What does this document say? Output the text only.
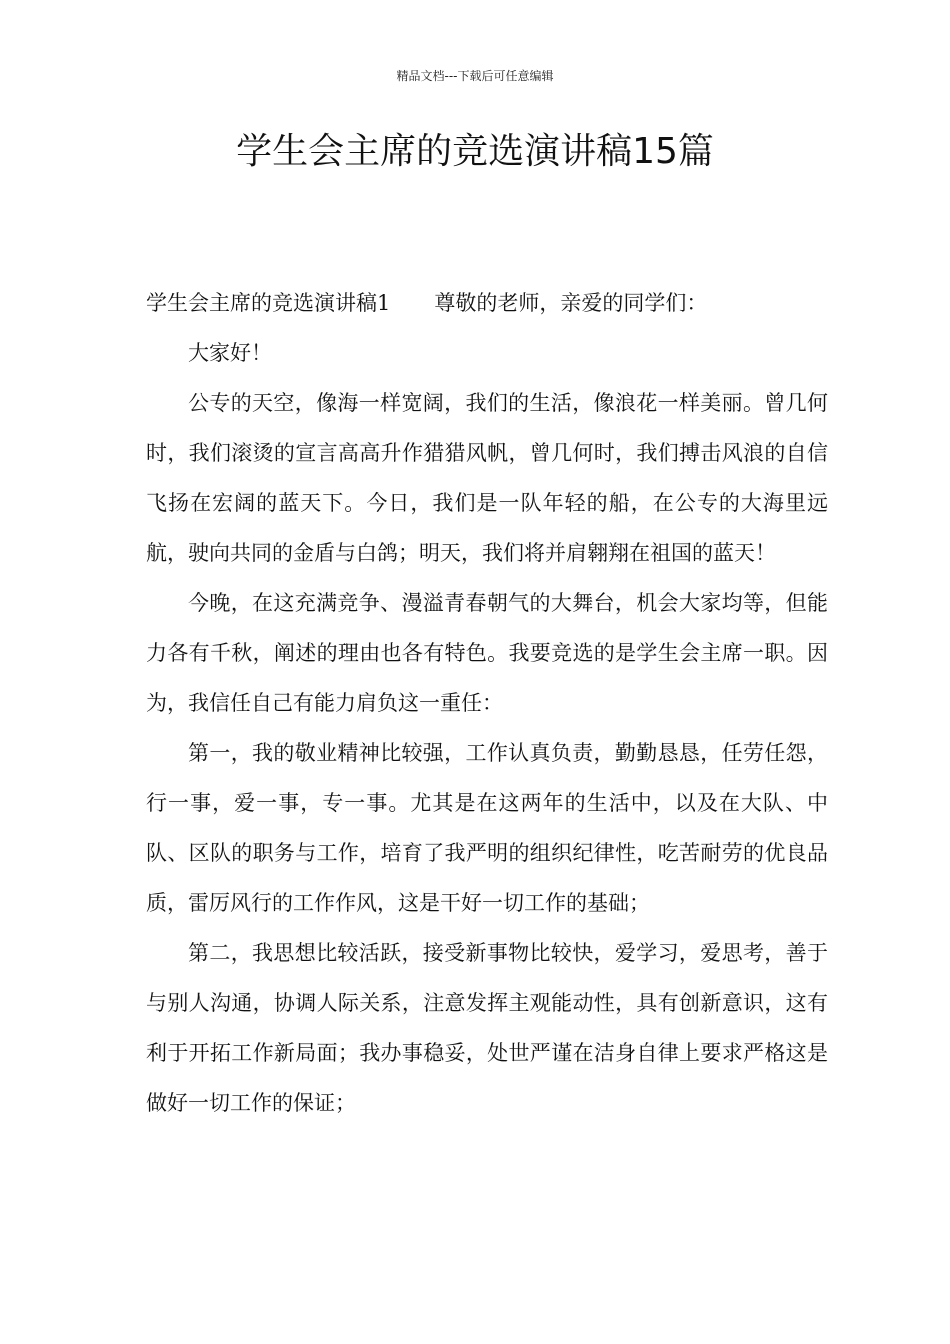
精品文档---下载后可任意编辑
学生会主席的竞选演讲稿15篇

学生会主席的竞选演讲稿1 尊敬的老师，亲爱的同学们：

大家好！

公专的天空，像海一样宽阔，我们的生活，像浪花一样美丽。曾几何时，我们滚烫的宣言高高升作猎猎风帆，曾几何时，我们搏击风浪的自信飞扬在宏阔的蓝天下。今日，我们是一队年轻的船，在公专的大海里远航，驶向共同的金盾与白鸽；明天，我们将并肩翱翔在祖国的蓝天！

今晚，在这充满竞争、漫溢青春朝气的大舞台，机会大家均等，但能力各有千秋，阐述的理由也各有特色。我要竞选的是学生会主席一职。因为，我信任自己有能力肩负这一重任：

第一，我的敬业精神比较强，工作认真负责，勤勤恳恳，任劳任怨，行一事，爱一事，专一事。尤其是在这两年的生活中，以及在大队、中队、区队的职务与工作，培育了我严明的组织纪律性，吃苦耐劳的优良品质，雷厉风行的工作作风，这是干好一切工作的基础；

第二，我思想比较活跃，接受新事物比较快，爱学习，爱思考，善于与别人沟通，协调人际关系，注意发挥主观能动性，具有创新意识，这有利于开拓工作新局面；我办事稳妥，处世严谨在洁身自律上要求严格这是做好一切工作的保证；
